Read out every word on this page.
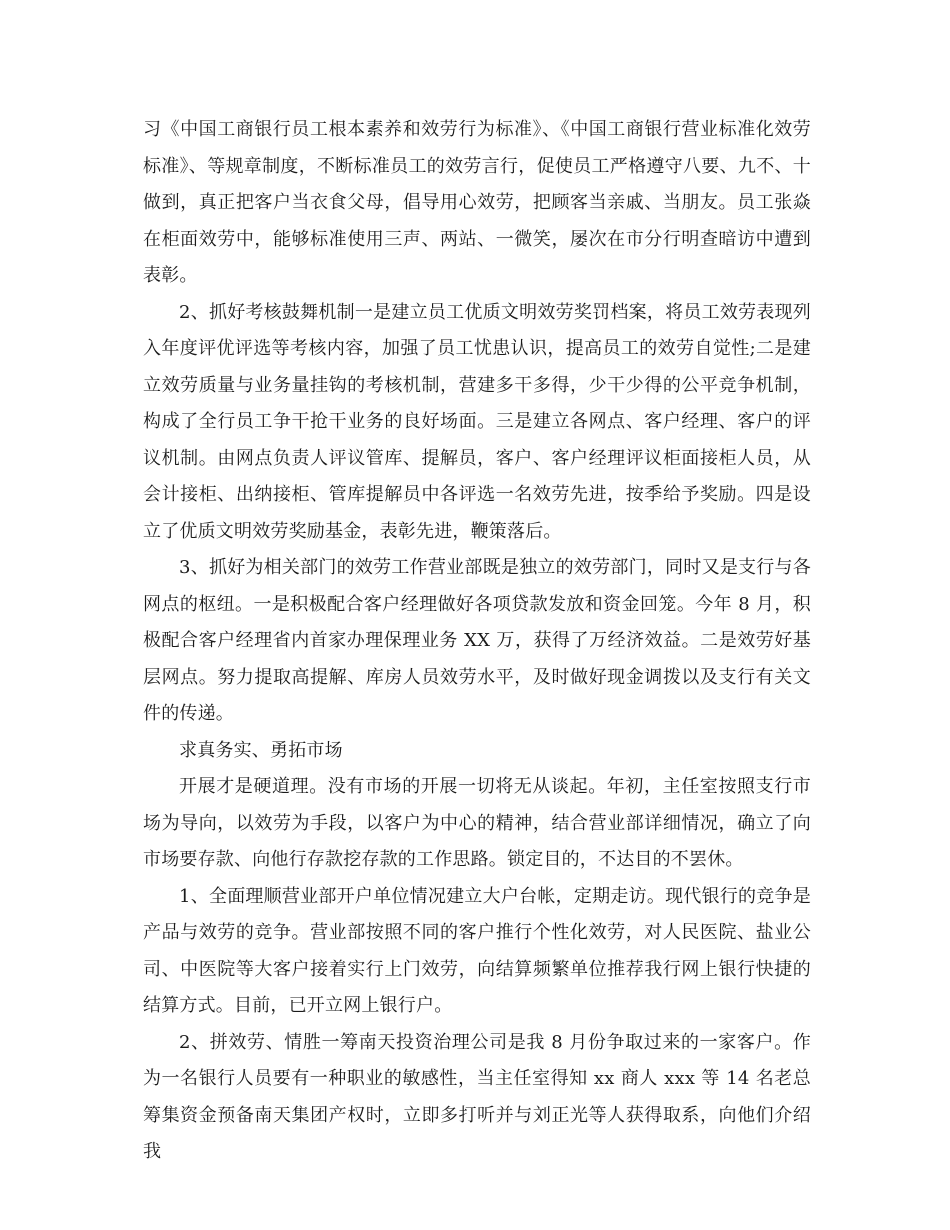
习《中国工商银行员工根本素养和效劳行为标准》、《中国工商银行营业标准化效劳标准》、等规章制度，不断标准员工的效劳言行，促使员工严格遵守八要、九不、十做到，真正把客户当衣食父母，倡导用心效劳，把顾客当亲戚、当朋友。员工张焱在柜面效劳中，能够标准使用三声、两站、一微笑，屡次在市分行明查暗访中遭到表彰。

2、抓好考核鼓舞机制一是建立员工优质文明效劳奖罚档案，将员工效劳表现列入年度评优评选等考核内容，加强了员工忧患认识，提高员工的效劳自觉性;二是建立效劳质量与业务量挂钩的考核机制，营建多干多得，少干少得的公平竞争机制，构成了全行员工争干抢干业务的良好场面。三是建立各网点、客户经理、客户的评议机制。由网点负责人评议管库、提解员，客户、客户经理评议柜面接柜人员，从会计接柜、出纳接柜、管库提解员中各评选一名效劳先进，按季给予奖励。四是设立了优质文明效劳奖励基金，表彰先进，鞭策落后。

3、抓好为相关部门的效劳工作营业部既是独立的效劳部门，同时又是支行与各网点的枢纽。一是积极配合客户经理做好各项贷款发放和资金回笼。今年 8 月，积极配合客户经理省内首家办理保理业务 XX 万，获得了万经济效益。二是效劳好基层网点。努力提取高提解、库房人员效劳水平，及时做好现金调拨以及支行有关文件的传递。

求真务实、勇拓市场

开展才是硬道理。没有市场的开展一切将无从谈起。年初，主任室按照支行市场为导向，以效劳为手段，以客户为中心的精神，结合营业部详细情况，确立了向市场要存款、向他行存款挖存款的工作思路。锁定目的，不达目的不罢休。

1、全面理顺营业部开户单位情况建立大户台帐，定期走访。现代银行的竞争是产品与效劳的竞争。营业部按照不同的客户推行个性化效劳，对人民医院、盐业公司、中医院等大客户接着实行上门效劳，向结算频繁单位推荐我行网上银行快捷的结算方式。目前，已开立网上银行户。

2、拼效劳、情胜一筹南天投资治理公司是我 8 月份争取过来的一家客户。作为一名银行人员要有一种职业的敏感性，当主任室得知 xx 商人 xxx 等 14 名老总筹集资金预备南天集团产权时，立即多打听并与刘正光等人获得取系，向他们介绍我
